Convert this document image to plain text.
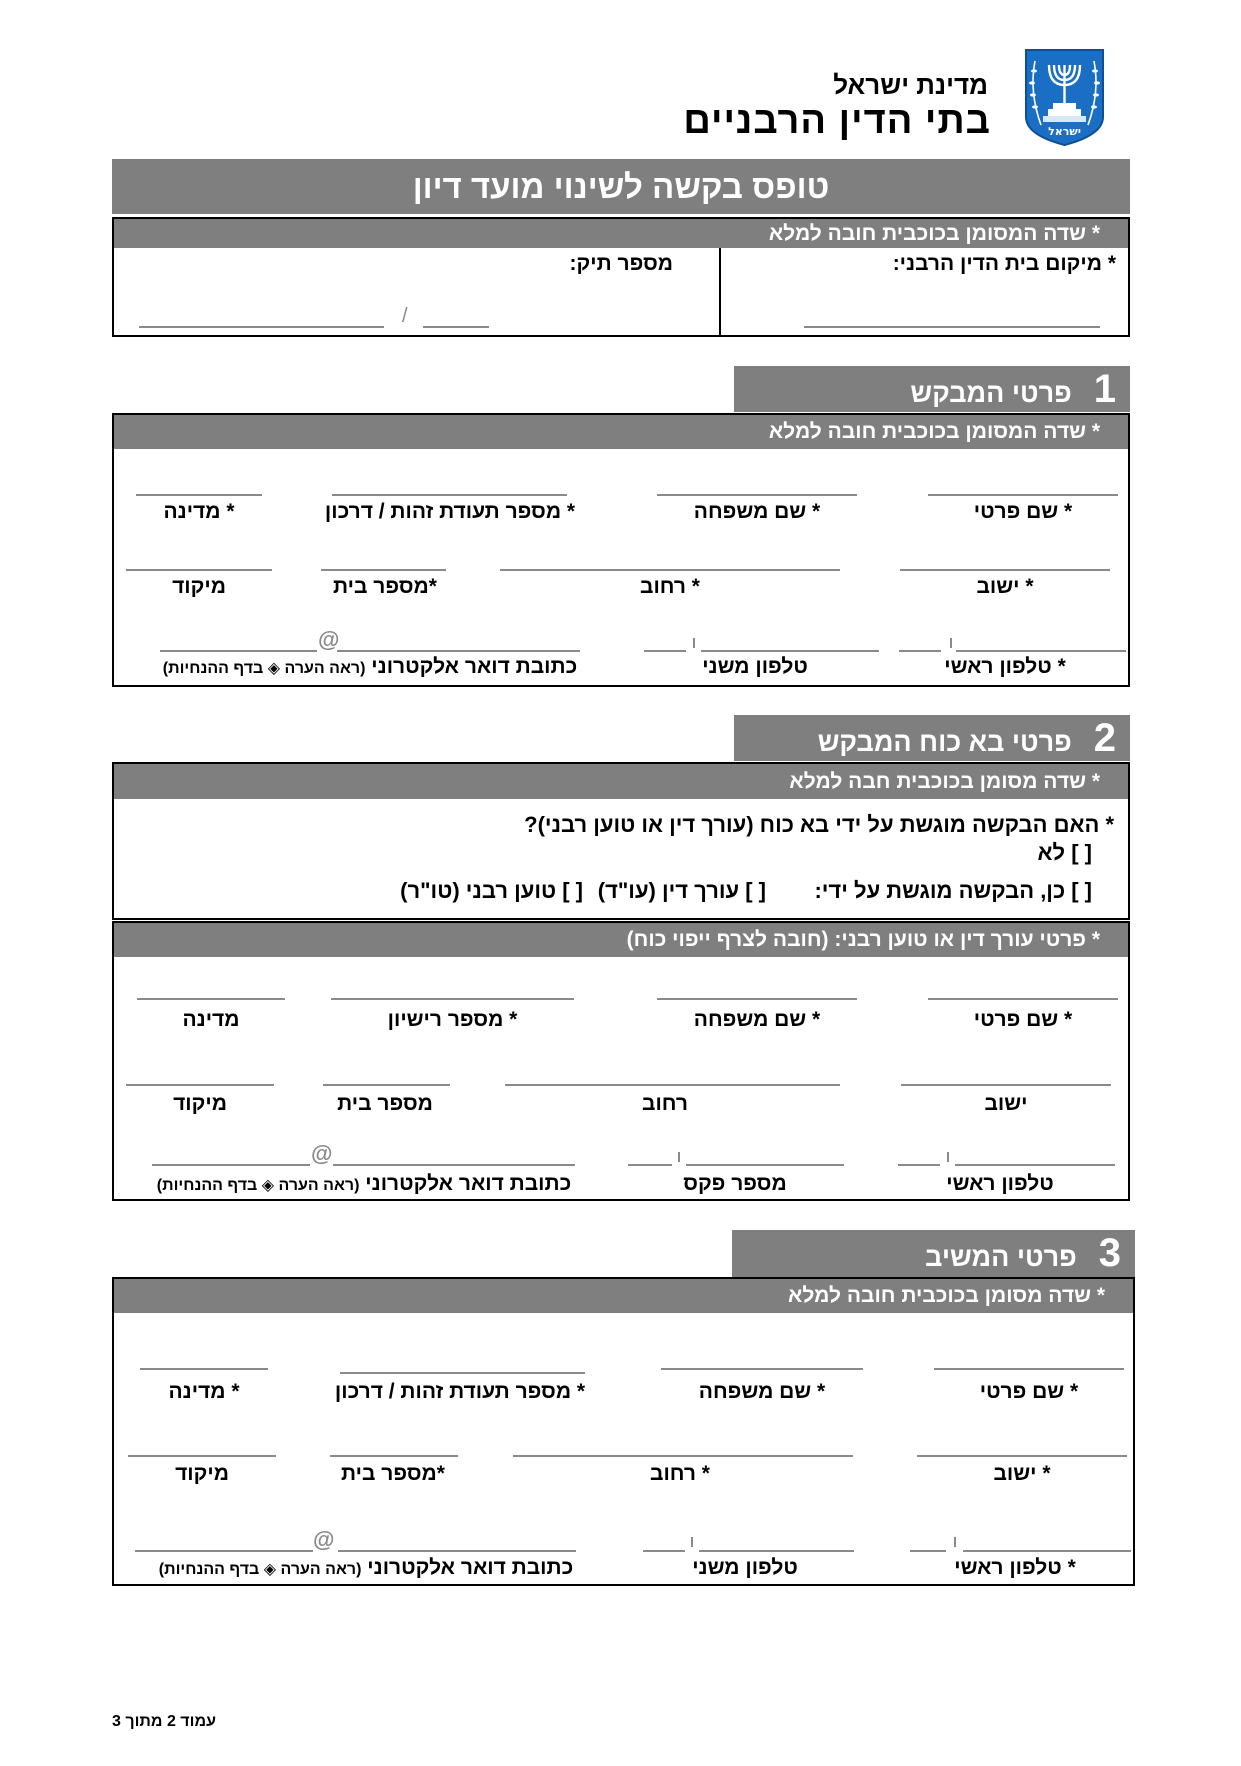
מדינת ישראל
בתי הדין הרבניים	ישראל
טופס בקשה לשינוי מועד דיון
* שדה המסומן בכוכבית חובה למלא
* מיקום בית הדין הרבני:
מספר תיק:
/
1פרטי המבקש
* שדה המסומן בכוכבית חובה למלא
* שם פרטי
* שם משפחה
* מספר תעודת זהות / דרכון
* מדינה
* ישוב
* רחוב
*מספר בית
מיקוד
* טלפון ראשי
טלפון משני
@
כתובת דואר אלקטרוני (ראה הערה ◈ בדף ההנחיות)
2פרטי בא כוח המבקש
* שדה מסומן בכוכבית חבה למלא
* האם הבקשה מוגשת על ידי בא כוח (עורך דין או טוען רבני)?
[ ] לא
[ ] כן, הבקשה מוגשת על ידי:
[ ] עורך דין (עו"ד)
[ ] טוען רבני (טו"ר)
* פרטי עורך דין או טוען רבני: (חובה לצרף ייפוי כוח)
* שם פרטי
* שם משפחה
* מספר רישיון
מדינה
ישוב
רחוב
מספר בית
מיקוד
טלפון ראשי
מספר פקס
@
כתובת דואר אלקטרוני (ראה הערה ◈ בדף ההנחיות)
3פרטי המשיב
* שדה מסומן בכוכבית חובה למלא
* שם פרטי
* שם משפחה
* מספר תעודת זהות / דרכון
* מדינה
* ישוב
* רחוב
*מספר בית
מיקוד
* טלפון ראשי
טלפון משני
@
כתובת דואר אלקטרוני (ראה הערה ◈ בדף ההנחיות)
עמוד 2 מתוך 3
